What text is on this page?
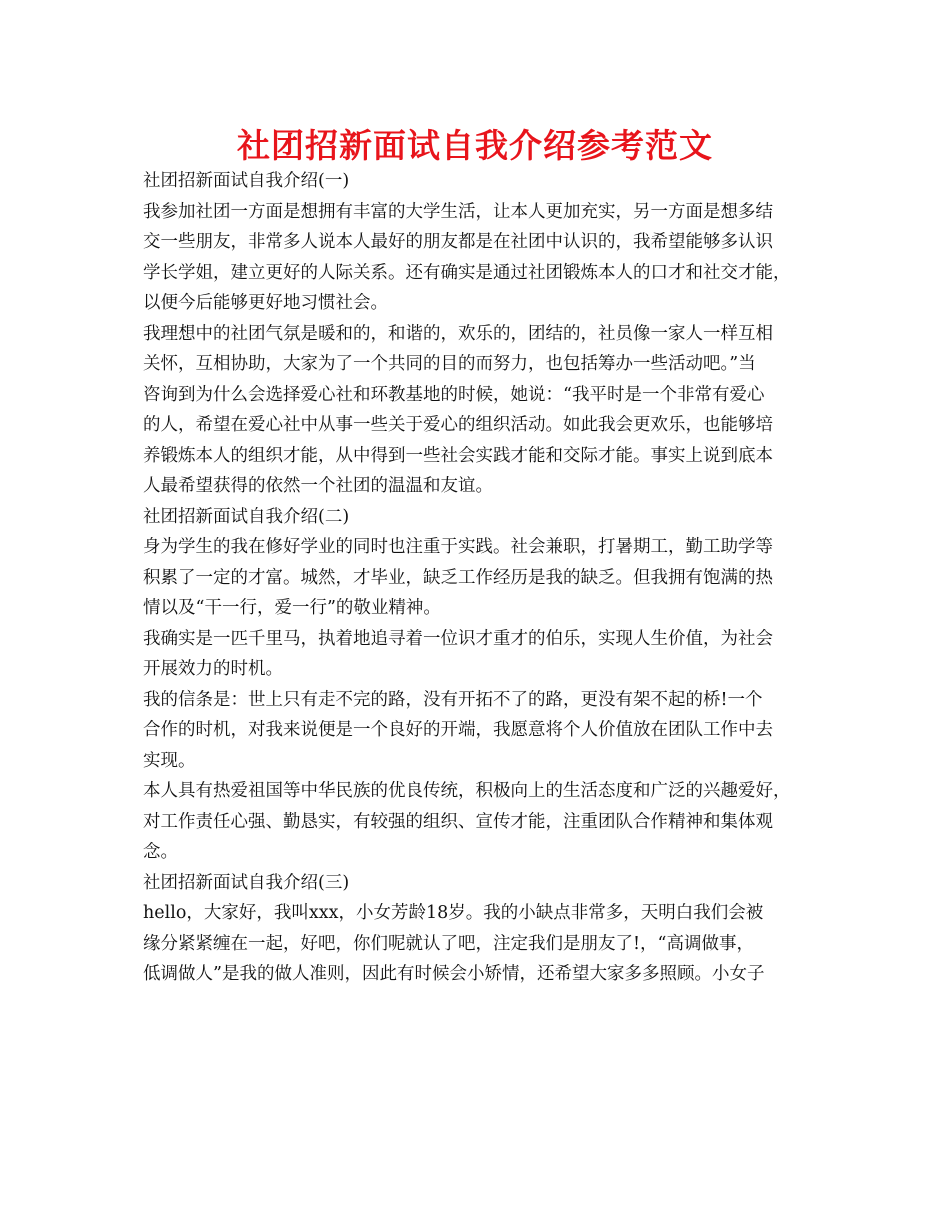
社团招新面试自我介绍参考范文
社团招新面试自我介绍(一)
我参加社团一方面是想拥有丰富的大学生活，让本人更加充实，另一方面是想多结
交一些朋友，非常多人说本人最好的朋友都是在社团中认识的，我希望能够多认识
学长学姐，建立更好的人际关系。还有确实是通过社团锻炼本人的口才和社交才能，
以便今后能够更好地习惯社会。
我理想中的社团气氛是暖和的，和谐的，欢乐的，团结的，社员像一家人一样互相
关怀，互相协助，大家为了一个共同的目的而努力，也包括筹办一些活动吧。”当
咨询到为什么会选择爱心社和环教基地的时候，她说：“我平时是一个非常有爱心
的人，希望在爱心社中从事一些关于爱心的组织活动。如此我会更欢乐，也能够培
养锻炼本人的组织才能，从中得到一些社会实践才能和交际才能。事实上说到底本
人最希望获得的依然一个社团的温温和友谊。
社团招新面试自我介绍(二)
身为学生的我在修好学业的同时也注重于实践。社会兼职，打暑期工，勤工助学等
积累了一定的才富。城然，才毕业，缺乏工作经历是我的缺乏。但我拥有饱满的热
情以及“干一行，爱一行”的敬业精神。
我确实是一匹千里马，执着地追寻着一位识才重才的伯乐，实现人生价值，为社会
开展效力的时机。
我的信条是：世上只有走不完的路，没有开拓不了的路，更没有架不起的桥!一个
合作的时机，对我来说便是一个良好的开端，我愿意将个人价值放在团队工作中去
实现。
本人具有热爱祖国等中华民族的优良传统，积极向上的生活态度和广泛的兴趣爱好，
对工作责任心强、勤恳实，有较强的组织、宣传才能，注重团队合作精神和集体观
念。
社团招新面试自我介绍(三)
hello，大家好，我叫xxx，小女芳龄18岁。我的小缺点非常多，天明白我们会被
缘分紧紧缠在一起，好吧，你们呢就认了吧，注定我们是朋友了!，“高调做事，
低调做人”是我的做人准则，因此有时候会小矫情，还希望大家多多照顾。小女子
